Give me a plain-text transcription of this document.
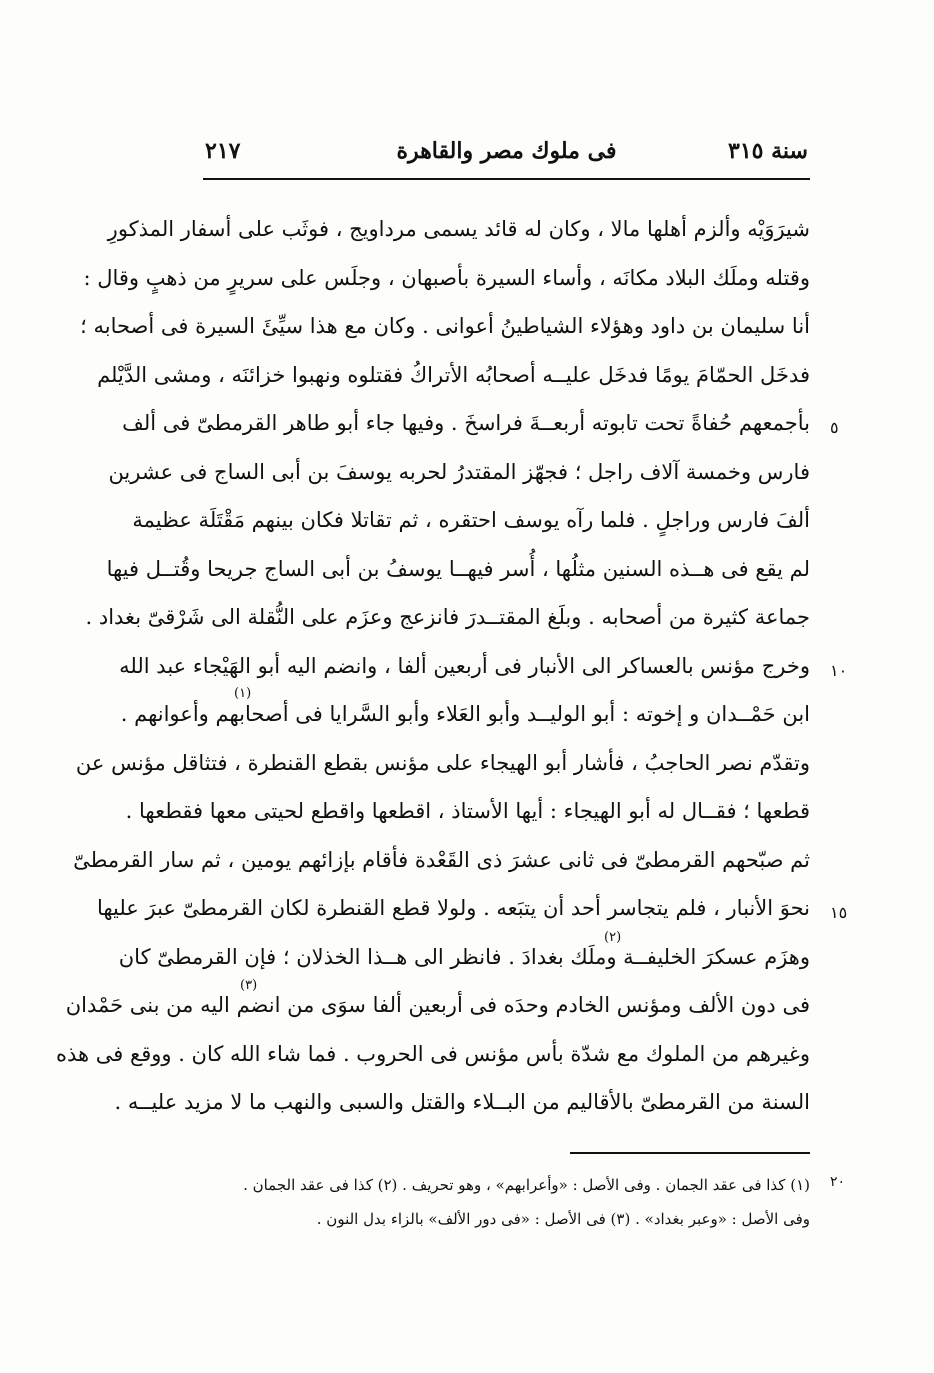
سنة ٣١٥
فى ملوك مصر والقاهرة
٢١٧
شيرَوَيْه وألزم أهلها مالا ، وكان له قائد يسمى مرداويج ، فوثَب على أسفار المذكورِ
وقتله وملَك البلاد مكانَه ، وأساء السيرة بأصبهان ، وجلَس على سريرٍ من ذهبٍ وقال :
أنا سليمان بن داود وهؤلاء الشياطينُ أعوانى . وكان مع هذا سيِّئَ السيرة فى أصحابه ؛
فدخَل الحمّامَ يومًا فدخَل عليــه أصحابُه الأتراكُ فقتلوه ونهبوا خزائنَه ، ومشى الدَّيْلم
بأجمعهم حُفاةً تحت تابوته أربعــةَ فراسخَ . وفيها جاء أبو طاهر القرمطىّ فى ألف
فارس وخمسة آلاف راجل ؛ فجهّز المقتدرُ لحربه يوسفَ بن أبى الساج فى عشرين
ألفَ فارس وراجلٍ . فلما رآه يوسف احتقره ، ثم تقاتلا فكان بينهم مَقْتَلَة عظيمة
لم يقع فى هــذه السنين مثلُها ، أُسر فيهــا يوسفُ بن أبى الساج جريحا وقُتــل فيها
جماعة كثيرة من أصحابه . وبلَغ المقتــدرَ فانزعج وعزَم على النُّقلة الى شَرْقىّ بغداد .
وخرج مؤنس بالعساكر الى الأنبار فى أربعين ألفا ، وانضم اليه أبو الهَيْجاء عبد الله
ابن حَمْــدان و إخوته : أبو الوليــد وأبو العَلاء وأبو السَّرايا فى أصحابهم وأعوانهم .
وتقدّم نصر الحاجبُ ، فأشار أبو الهيجاء على مؤنس بقطع القنطرة ، فتثاقل مؤنس عن
قطعها ؛ فقــال له أبو الهيجاء : أيها الأستاذ ، اقطعها واقطع لحيتى معها فقطعها .
ثم صبّحهم القرمطىّ فى ثانى عشرَ ذى القَعْدة فأقام بإزائهم يومين ، ثم سار القرمطىّ
نحوَ الأنبار ، فلم يتجاسر أحد أن يتبَعه . ولولا قطع القنطرة لكان القرمطىّ عبرَ عليها
وهزَم عسكرَ الخليفــة وملَك بغدادَ . فانظر الى هــذا الخذلان ؛ فإن القرمطىّ كان
فى دون الألف ومؤنس الخادم وحدَه فى أربعين ألفا سوَى من انضم اليه من بنى حَمْدان
وغيرهم من الملوك مع شدّة بأس مؤنس فى الحروب . فما شاء الله كان . ووقع فى هذه
السنة من القرمطىّ بالأقاليم من البــلاء والقتل والسبى والنهب ما لا مزيد عليــه .
(١)
(٢)
(٣)
٥
١٠
١٥
(١) كذا فى عقد الجمان . وفى الأصل : «وأعرابهم» ، وهو تحريف . (٢) كذا فى عقد الجمان .
وفى الأصل : «وعبر بغداد» . (٣) فى الأصل : «فى دور الألف» بالزاء بدل النون .
٢٠
